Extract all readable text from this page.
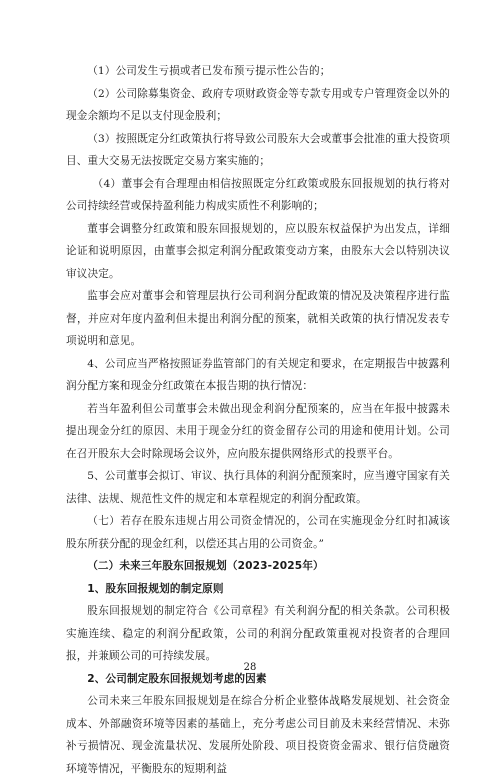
（1）公司发生亏损或者已发布预亏提示性公告的；

（2）公司除募集资金、政府专项财政资金等专款专用或专户管理资金以外的现金余额均不足以支付现金股利；

（3）按照既定分红政策执行将导致公司股东大会或董事会批准的重大投资项目、重大交易无法按既定交易方案实施的；

（4）董事会有合理理由相信按照既定分红政策或股东回报规划的执行将对公司持续经营或保持盈利能力构成实质性不利影响的；

董事会调整分红政策和股东回报规划的，应以股东权益保护为出发点，详细论证和说明原因，由董事会拟定利润分配政策变动方案，由股东大会以特别决议审议决定。

监事会应对董事会和管理层执行公司利润分配政策的情况及决策程序进行监督，并应对年度内盈利但未提出利润分配的预案，就相关政策的执行情况发表专项说明和意见。

4、公司应当严格按照证券监管部门的有关规定和要求，在定期报告中披露利润分配方案和现金分红政策在本报告期的执行情况：

若当年盈利但公司董事会未做出现金利润分配预案的，应当在年报中披露未提出现金分红的原因、未用于现金分红的资金留存公司的用途和使用计划。公司在召开股东大会时除现场会议外，应向股东提供网络形式的投票平台。

5、公司董事会拟订、审议、执行具体的利润分配预案时，应当遵守国家有关法律、法规、规范性文件的规定和本章程规定的利润分配政策。

（七）若存在股东违规占用公司资金情况的，公司在实施现金分红时扣减该股东所获分配的现金红利，以偿还其占用的公司资金。”

（二）未来三年股东回报规划（2023-2025年）
1、股东回报规划的制定原则

股东回报规划的制定符合《公司章程》有关利润分配的相关条款。公司积极实施连续、稳定的利润分配政策，公司的利润分配政策重视对投资者的合理回报，并兼顾公司的可持续发展。

2、公司制定股东回报规划考虑的因素

公司未来三年股东回报规划是在综合分析企业整体战略发展规划、社会资金成本、外部融资环境等因素的基础上，充分考虑公司目前及未来经营情况、未弥补亏损情况、现金流量状况、发展所处阶段、项目投资资金需求、银行信贷融资环境等情况，平衡股东的短期利益

28
